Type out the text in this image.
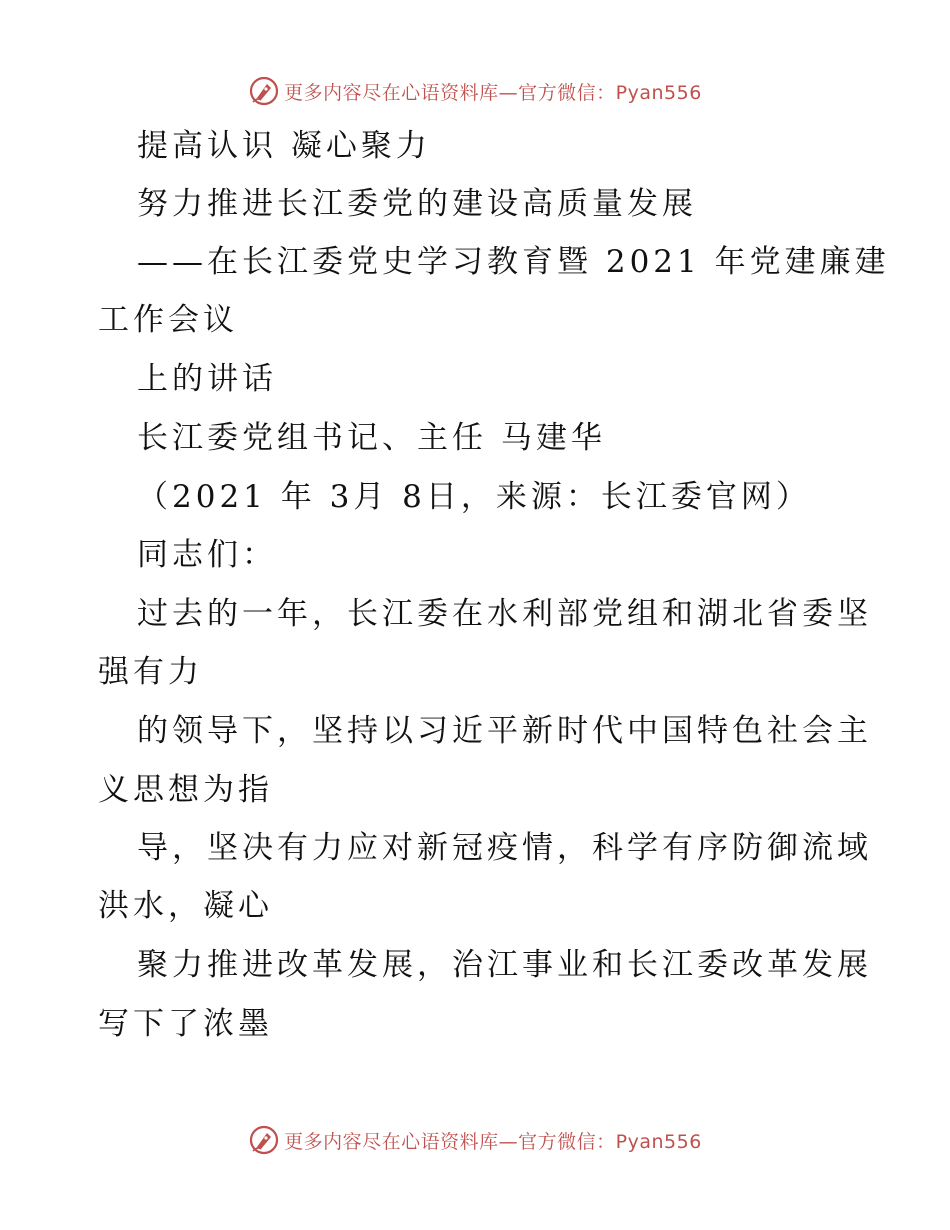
更多内容尽在心语资料库—官方微信：Pyan556
提高认识 凝心聚力
努力推进长江委党的建设高质量发展
——在长江委党史学习教育暨 2021 年党建廉建
工作会议
上的讲话
长江委党组书记、主任 马建华
（2021 年 3月 8日，来源：长江委官网）
同志们：
过去的一年，长江委在水利部党组和湖北省委坚
强有力
的领导下，坚持以习近平新时代中国特色社会主
义思想为指
导，坚决有力应对新冠疫情，科学有序防御流域
洪水，凝心
聚力推进改革发展，治江事业和长江委改革发展
写下了浓墨
更多内容尽在心语资料库—官方微信：Pyan556
